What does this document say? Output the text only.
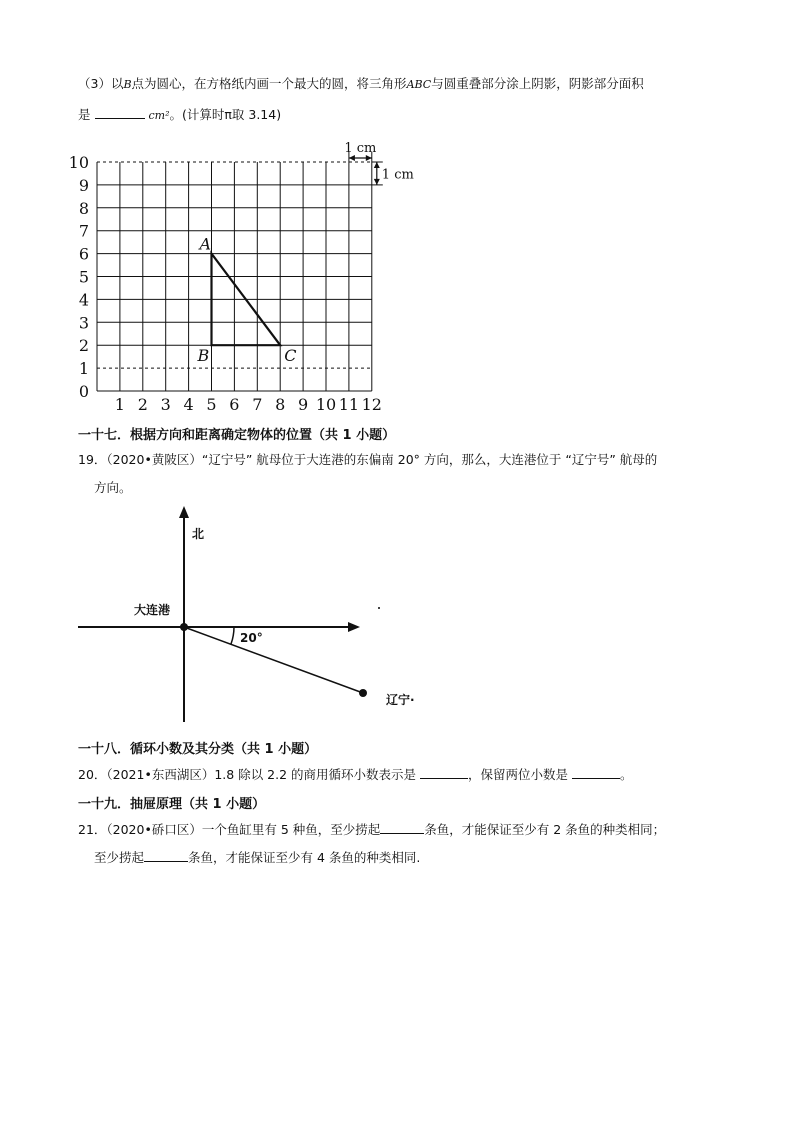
（3）以B点为圆心，在方格纸内画一个最大的圆，将三角形ABC与圆重叠部分涂上阴影，阴影部分面积
是	cm²。(计算时π取 3.14)
0
1
2
3
4
5
6
7
8
9
10
1 2 3 4 5 6 7 8 9 10 11 12
A
B	C
1 cm
1 cm
一十七．根据方向和距离确定物体的位置（共 1 小题）
19．（2020•黄陂区）“辽宁号” 航母位于大连港的东偏南 20° 方向，那么，大连港位于 “辽宁号” 航母的
方向。
北
大连港
20°
辽宁·
一十八．循环小数及其分类（共 1 小题）
20．（2021•东西湖区）1.8 除以 2.2 的商用循环小数表示是	，保留两位小数是	。
一十九．抽屉原理（共 1 小题）
21．（2020•硚口区）一个鱼缸里有 5 种鱼，至少捞起	条鱼，才能保证至少有 2 条鱼的种类相同；
至少捞起	条鱼，才能保证至少有 4 条鱼的种类相同.
